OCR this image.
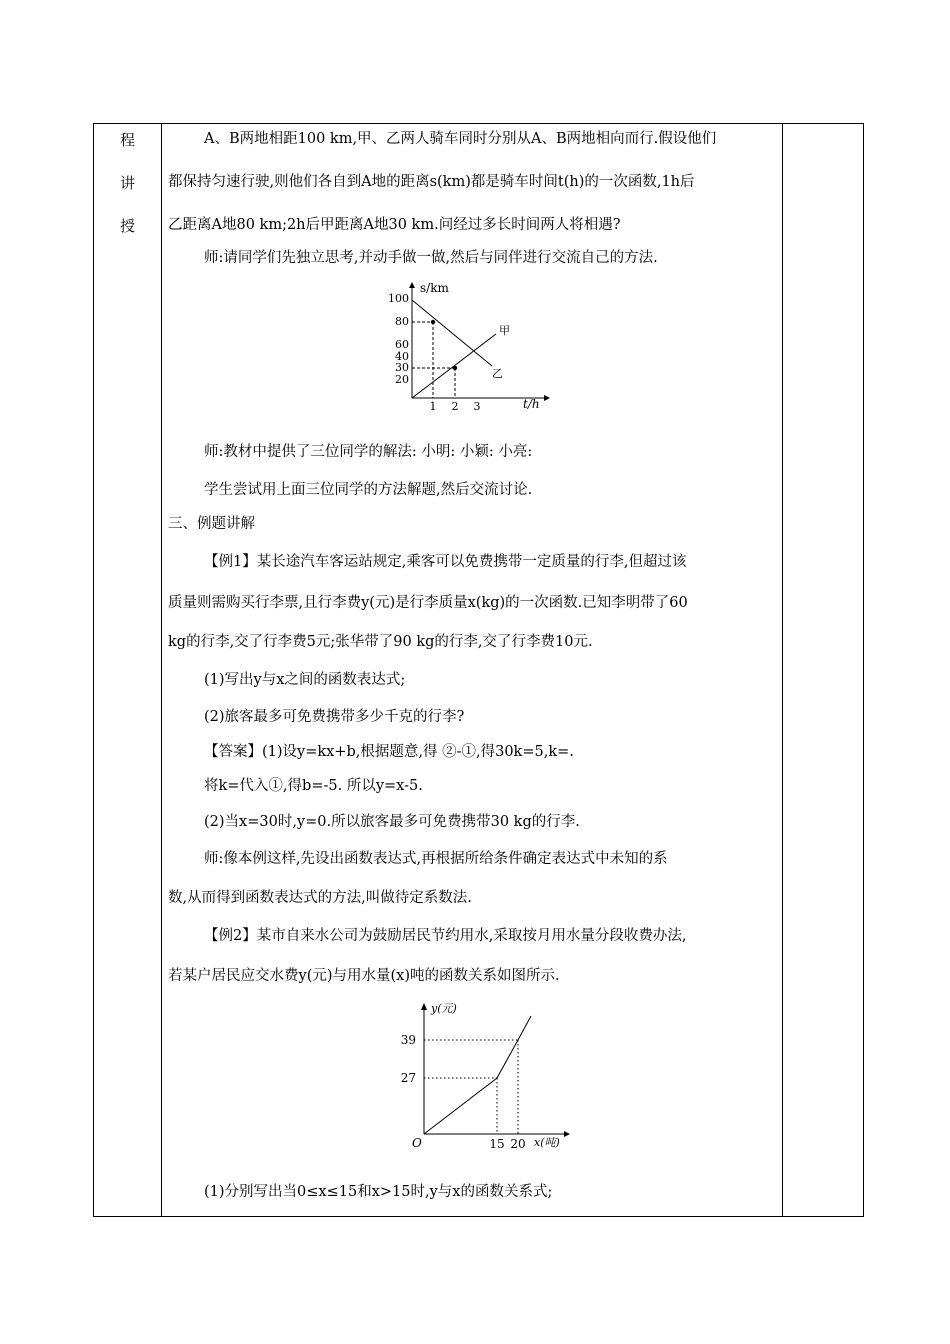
程
讲
授
A、B两地相距100 km,甲、乙两人骑车同时分别从A、B两地相向而行.假设他们
都保持匀速行驶,则他们各自到A地的距离s(km)都是骑车时间t(h)的一次函数,1h后
乙距离A地80 km;2h后甲距离A地30 km.问经过多长时间两人将相遇?
师:请同学们先独立思考,并动手做一做,然后与同伴进行交流自己的方法.
s/km
t/h
100
80
60
40
30
20
1 2 3
甲
乙
师:教材中提供了三位同学的解法: 小明: 小颖: 小亮:
学生尝试用上面三位同学的方法解题,然后交流讨论.
三、例题讲解
【例1】某长途汽车客运站规定,乘客可以免费携带一定质量的行李,但超过该
质量则需购买行李票,且行李费y(元)是行李质量x(kg)的一次函数.已知李明带了60
kg的行李,交了行李费5元;张华带了90 kg的行李,交了行李费10元.
(1)写出y与x之间的函数表达式;
(2)旅客最多可免费携带多少千克的行李?
【答案】(1)设y=kx+b,根据题意,得 ②-①,得30k=5,k=.
将k=代入①,得b=-5. 所以y=x-5.
(2)当x=30时,y=0.所以旅客最多可免费携带30 kg的行李.
师:像本例这样,先设出函数表达式,再根据所给条件确定表达式中未知的系
数,从而得到函数表达式的方法,叫做待定系数法.
【例2】某市自来水公司为鼓励居民节约用水,采取按月用水量分段收费办法,
若某户居民应交水费y(元)与用水量(x)吨的函数关系如图所示.
y(元)
x(吨)
O
39
27
15 20
(1)分别写出当0≤x≤15和x>15时,y与x的函数关系式;
